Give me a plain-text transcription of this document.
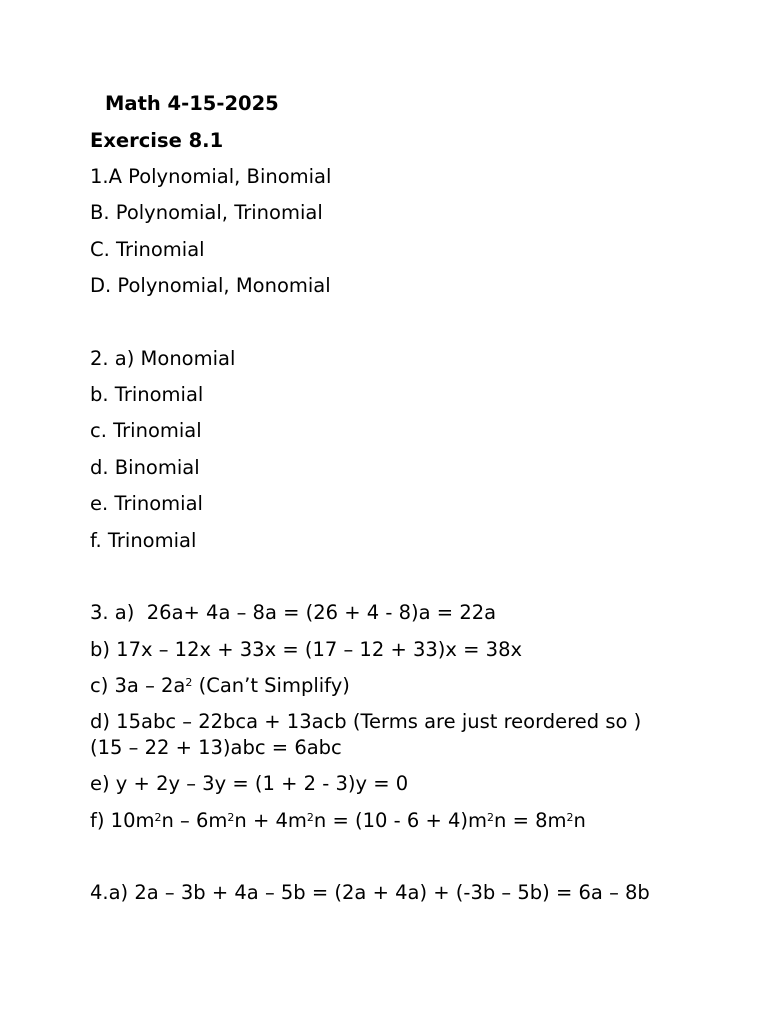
Math 4-15-2025
Exercise 8.1
1.A Polynomial, Binomial
B. Polynomial, Trinomial
C. Trinomial
D. Polynomial, Monomial
2. a) Monomial
b. Trinomial
c. Trinomial
d. Binomial
e. Trinomial
f. Trinomial
3. a)  26a+ 4a – 8a = (26 + 4 - 8)a = 22a
b) 17x – 12x + 33x = (17 – 12 + 33)x = 38x
c) $3a - 2a^2$ (Can’t Simplify)
d) 15abc – 22bca + 13acb (Terms are just reordered so )
(15 – 22 + 13)abc = 6abc
e) y + 2y – 3y = (1 + 2 - 3)y = 0
f) $10m^2n - 6m^2n + 4m^2n = (10 - 6 + 4)m^2n = 8m^2n$
4.a) 2a – 3b + 4a – 5b = (2a + 4a) + (-3b – 5b) = 6a – 8b
